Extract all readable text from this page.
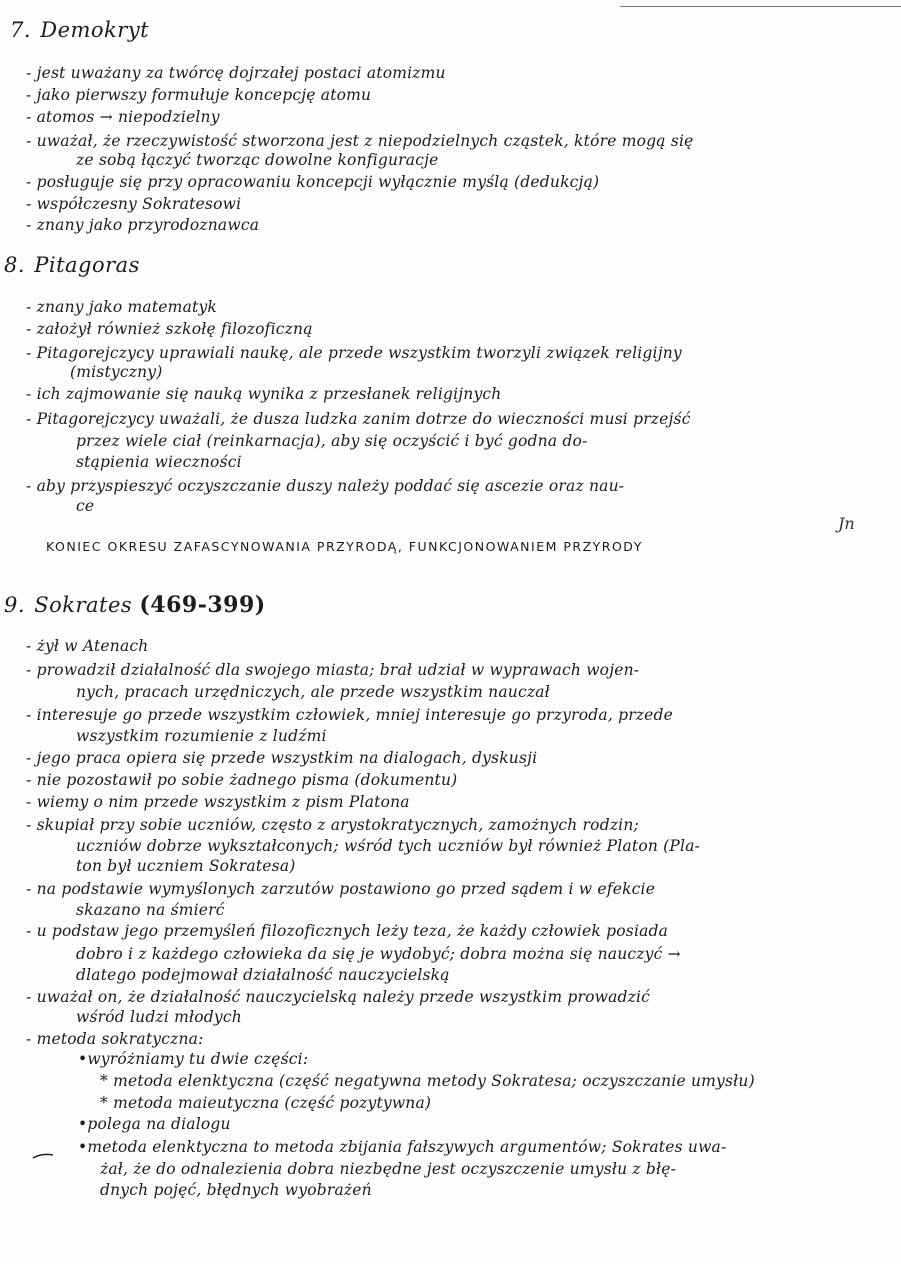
7. Demokryt
- jest uważany za twórcę dojrzałej postaci atomizmu
- jako pierwszy formułuje koncepcję atomu
- atomos → niepodzielny
- uważał, że rzeczywistość stworzona jest z niepodzielnych cząstek, które mogą się
ze sobą łączyć tworząc dowolne konfiguracje
- posługuje się przy opracowaniu koncepcji wyłącznie myślą (dedukcją)
- współczesny Sokratesowi
- znany jako przyrodoznawca
8. Pitagoras
- znany jako matematyk
- założył również szkołę filozoficzną
- Pitagorejczycy uprawiali naukę, ale przede wszystkim tworzyli związek religijny
(mistyczny)
- ich zajmowanie się nauką wynika z przesłanek religijnych
- Pitagorejczycy uważali, że dusza ludzka zanim dotrze do wieczności musi przejść
przez wiele ciał (reinkarnacja), aby się oczyścić i być godna do-
stąpienia wieczności
- aby przyspieszyć oczyszczanie duszy należy poddać się ascezie oraz nau-
ce
Jn
KONIEC OKRESU ZAFASCYNOWANIA PRZYRODĄ, FUNKCJONOWANIEM PRZYRODY
9. Sokrates (469-399)
- żył w Atenach
- prowadził działalność dla swojego miasta; brał udział w wyprawach wojen-
nych, pracach urzędniczych, ale przede wszystkim nauczał
- interesuje go przede wszystkim człowiek, mniej interesuje go przyroda, przede
wszystkim rozumienie z ludźmi
- jego praca opiera się przede wszystkim na dialogach, dyskusji
- nie pozostawił po sobie żadnego pisma (dokumentu)
- wiemy o nim przede wszystkim z pism Platona
- skupiał przy sobie uczniów, często z arystokratycznych, zamożnych rodzin;
uczniów dobrze wykształconych; wśród tych uczniów był również Platon (Pla-
ton był uczniem Sokratesa)
- na podstawie wymyślonych zarzutów postawiono go przed sądem i w efekcie
skazano na śmierć
- u podstaw jego przemyśleń filozoficznych leży teza, że każdy człowiek posiada
dobro i z każdego człowieka da się je wydobyć; dobra można się nauczyć →
dlatego podejmował działalność nauczycielską
- uważał on, że działalność nauczycielską należy przede wszystkim prowadzić
wśród ludzi młodych
- metoda sokratyczna:
• wyróżniamy tu dwie części:
* metoda elenktyczna (część negatywna metody Sokratesa; oczyszczanie umysłu)
* metoda maieutyczna (część pozytywna)
• polega na dialogu
• metoda elenktyczna to metoda zbijania fałszywych argumentów; Sokrates uwa-
żał, że do odnalezienia dobra niezbędne jest oczyszczenie umysłu z błę-
dnych pojęć, błędnych wyobrażeń
